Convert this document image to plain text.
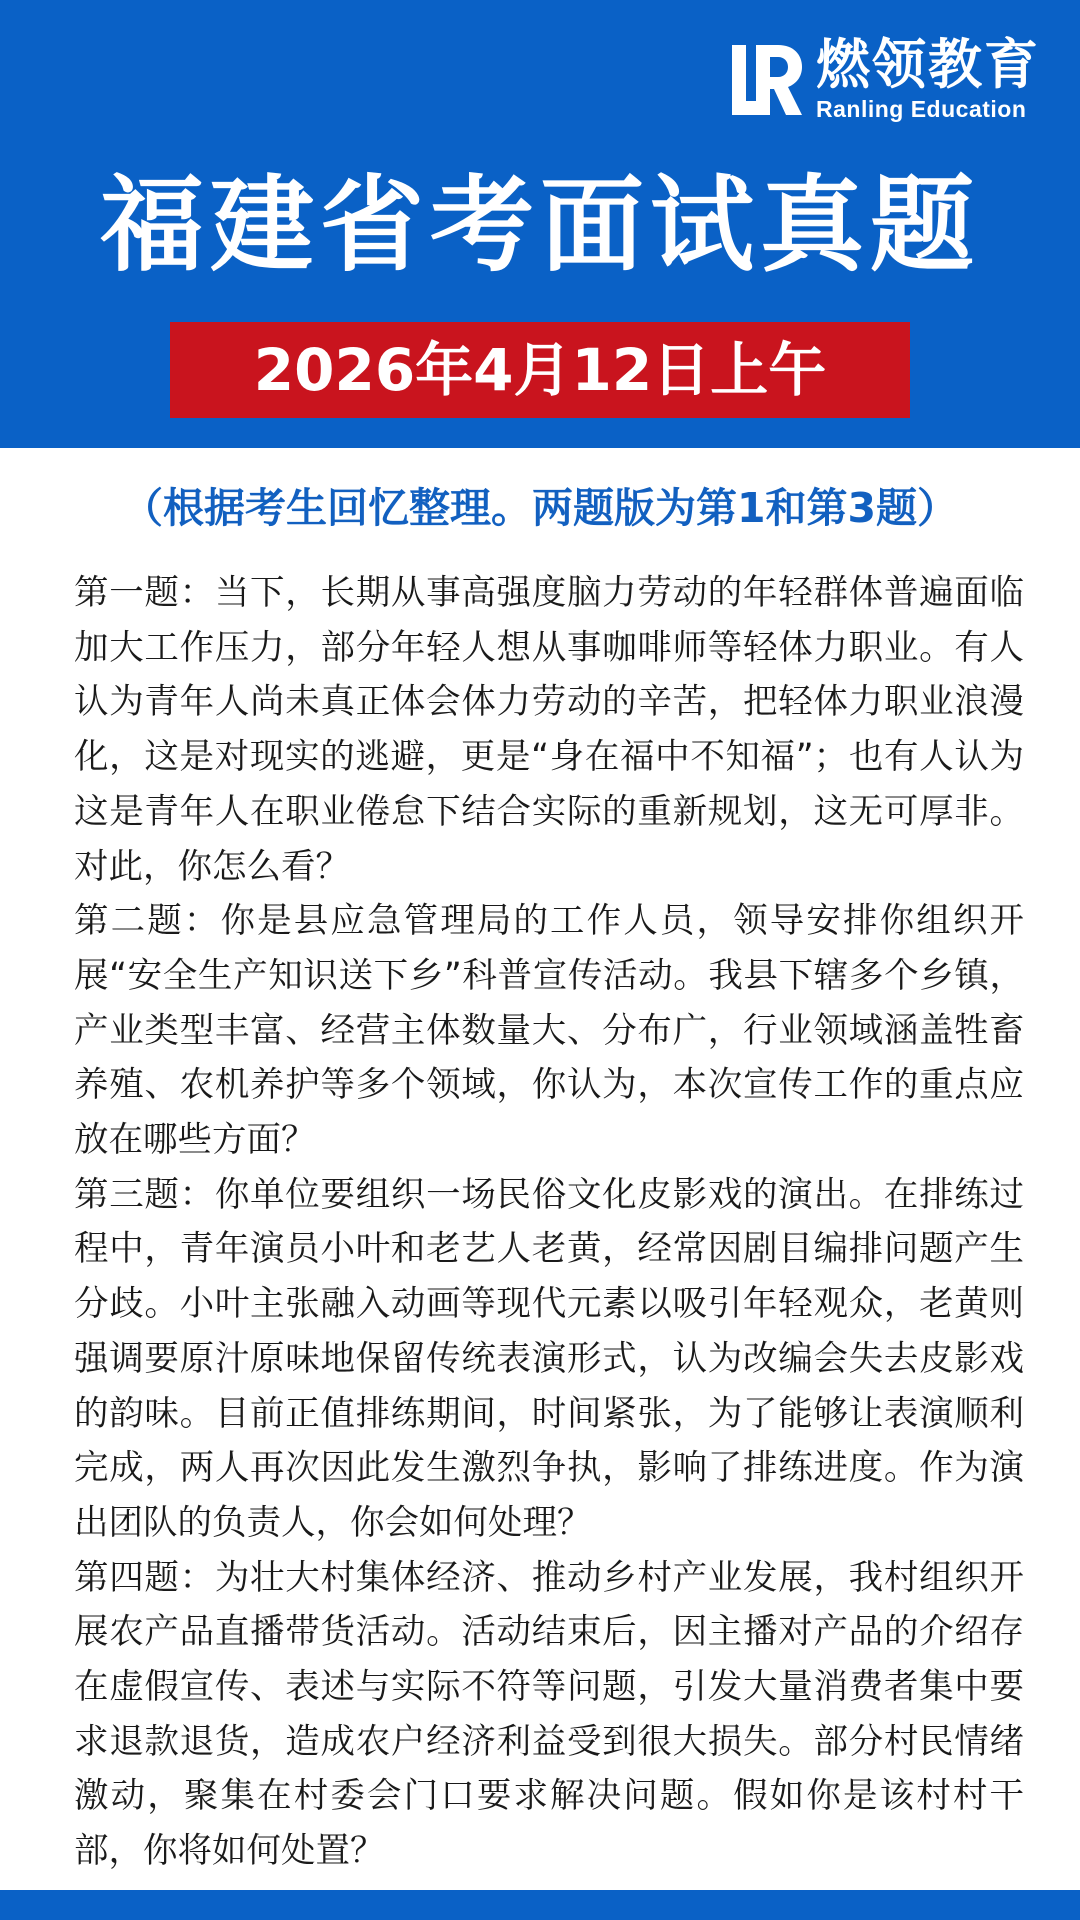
燃领教育
Ranling Education
福建省考面试真题
2026年4月12日上午
（根据考生回忆整理。两题版为第1和第3题）

第一题：当下，长期从事高强度脑力劳动的年轻群体普遍面临加大工作压力，部分年轻人想从事咖啡师等轻体力职业。有人认为青年人尚未真正体会体力劳动的辛苦，把轻体力职业浪漫化，这是对现实的逃避，更是“身在福中不知福”；也有人认为这是青年人在职业倦怠下结合实际的重新规划，这无可厚非。对此，你怎么看？

第二题：你是县应急管理局的工作人员，领导安排你组织开展“安全生产知识送下乡”科普宣传活动。我县下辖多个乡镇，产业类型丰富、经营主体数量大、分布广，行业领域涵盖牲畜养殖、农机养护等多个领域，你认为，本次宣传工作的重点应放在哪些方面？

第三题：你单位要组织一场民俗文化皮影戏的演出。在排练过程中，青年演员小叶和老艺人老黄，经常因剧目编排问题产生分歧。小叶主张融入动画等现代元素以吸引年轻观众，老黄则强调要原汁原味地保留传统表演形式，认为改编会失去皮影戏的韵味。目前正值排练期间，时间紧张，为了能够让表演顺利完成，两人再次因此发生激烈争执，影响了排练进度。作为演出团队的负责人，你会如何处理？

第四题：为壮大村集体经济、推动乡村产业发展，我村组织开展农产品直播带货活动。活动结束后，因主播对产品的介绍存在虚假宣传、表述与实际不符等问题，引发大量消费者集中要求退款退货，造成农户经济利益受到很大损失。部分村民情绪激动，聚集在村委会门口要求解决问题。假如你是该村村干部，你将如何处置？
